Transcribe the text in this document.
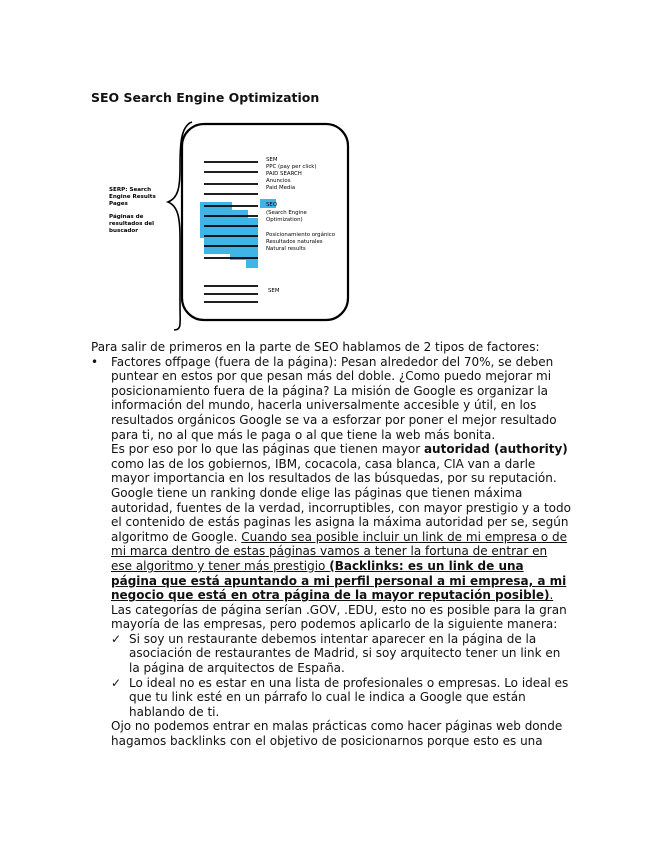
SEO Search Engine Optimization
SERP: Search
Engine Results
Pages
Páginas de
resultados del
buscador
SEM
PPC (pay per click)
PAID SEARCH
Anuncios
Paid Media
SEO
(Search Engine
Optimization)
Posicionamiento orgánico
Resultados naturales
Natural results
SEM

Para salir de primeros en la parte de SEO hablamos de 2 tipos de factores:

• Factores offpage (fuera de la página): Pesan alrededor del 70%, se deben puntear en estos por que pesan más del doble. ¿Como puedo mejorar mi posicionamiento fuera de la página? La misión de Google es organizar la información del mundo, hacerla universalmente accesible y útil, en los resultados orgánicos Google se va a esforzar por poner el mejor resultado para ti, no al que más le paga o al que tiene la web más bonita.

Es por eso por lo que las páginas que tienen mayor autoridad (authority) como las de los gobiernos, IBM, cocacola, casa blanca, CIA van a darle mayor importancia en los resultados de las búsquedas, por su reputación. Google tiene un ranking donde elige las páginas que tienen máxima autoridad, fuentes de la verdad, incorruptibles, con mayor prestigio y a todo el contenido de estás paginas les asigna la máxima autoridad per se, según algoritmo de Google. Cuando sea posible incluir un link de mi empresa o de mi marca dentro de estas páginas vamos a tener la fortuna de entrar en ese algoritmo y tener más prestigio (Backlinks: es un link de una página que está apuntando a mi perfil personal a mi empresa, a mi negocio que está en otra página de la mayor reputación posible).

Las categorías de página serían .GOV, .EDU, esto no es posible para la gran mayoría de las empresas, pero podemos aplicarlo de la siguiente manera:

✓ Si soy un restaurante debemos intentar aparecer en la página de la asociación de restaurantes de Madrid, si soy arquitecto tener un link en la página de arquitectos de España.
✓ Lo ideal no es estar en una lista de profesionales o empresas. Lo ideal es que tu link esté en un párrafo lo cual le indica a Google que están hablando de ti.

Ojo no podemos entrar en malas prácticas como hacer páginas web donde hagamos backlinks con el objetivo de posicionarnos porque esto es una
